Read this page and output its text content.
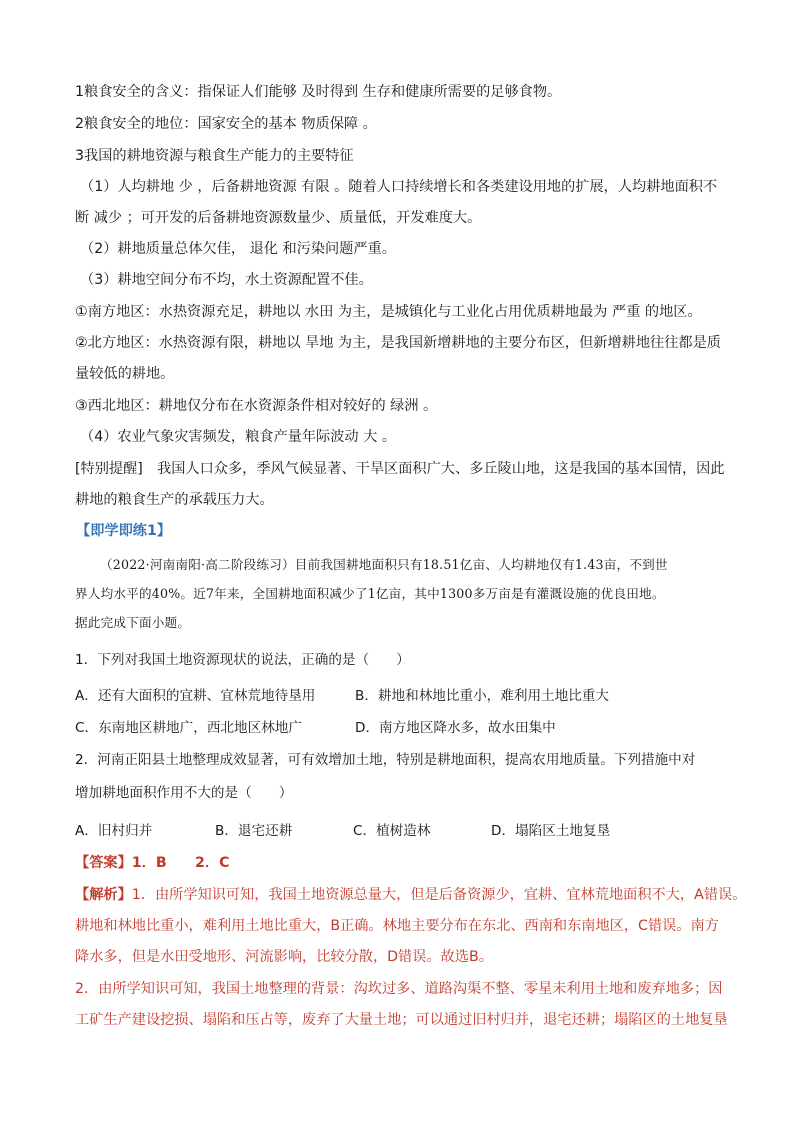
1粮食安全的含义：指保证人们能够 及时得到 生存和健康所需要的足够食物。
2粮食安全的地位：国家安全的基本 物质保障 。
3我国的耕地资源与粮食生产能力的主要特征
（1）人均耕地 少 ，后备耕地资源 有限 。随着人口持续增长和各类建设用地的扩展，人均耕地面积不
断 减少 ；可开发的后备耕地资源数量少、质量低，开发难度大。
（2）耕地质量总体欠佳， 退化 和污染问题严重。
（3）耕地空间分布不均，水土资源配置不佳。
①南方地区：水热资源充足，耕地以 水田 为主，是城镇化与工业化占用优质耕地最为 严重 的地区。
②北方地区：水热资源有限，耕地以 旱地 为主，是我国新增耕地的主要分布区，但新增耕地往往都是质
量较低的耕地。
③西北地区：耕地仅分布在水资源条件相对较好的 绿洲 。
（4）农业气象灾害频发，粮食产量年际波动 大 。
[特别提醒]　我国人口众多，季风气候显著、干旱区面积广大、多丘陵山地，这是我国的基本国情，因此
耕地的粮食生产的承载压力大。
【即学即练1】
（2022·河南南阳·高二阶段练习）目前我国耕地面积只有18.51亿亩、人均耕地仅有1.43亩，不到世
界人均水平的40%。近7年来，全国耕地面积减少了1亿亩，其中1300多万亩是有灌溉设施的优良田地。
据此完成下面小题。
1．下列对我国土地资源现状的说法，正确的是（　　）
A．还有大面积的宜耕、宜林荒地待垦用	B．耕地和林地比重小，难利用土地比重大
C．东南地区耕地广，西北地区林地广	D．南方地区降水多，故水田集中
2．河南正阳县土地整理成效显著，可有效增加土地，特别是耕地面积，提高农用地质量。下列措施中对
增加耕地面积作用不大的是（　　）
A．旧村归并	B．退宅还耕	C．植树造林	D．塌陷区土地复垦
【答案】1．B　　2．C
【解析】1．由所学知识可知，我国土地资源总量大，但是后备资源少，宜耕、宜林荒地面积不大，A错误。
耕地和林地比重小，难利用土地比重大，B正确。林地主要分布在东北、西南和东南地区，C错误。南方
降水多，但是水田受地形、河流影响，比较分散，D错误。故选B。
2．由所学知识可知，我国土地整理的背景：沟坎过多、道路沟渠不整、零星未利用土地和废弃地多；因
工矿生产建设挖损、塌陷和压占等，废弃了大量土地；可以通过旧村归并，退宅还耕；塌陷区的土地复垦
